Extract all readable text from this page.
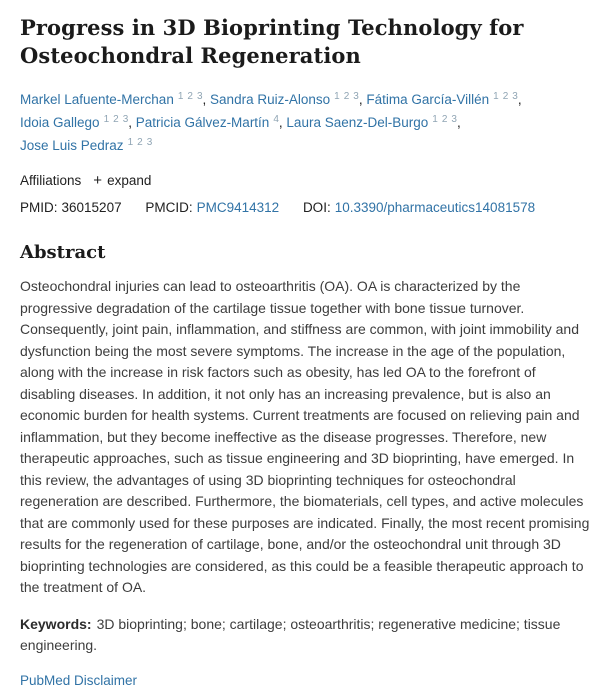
Progress in 3D Bioprinting Technology for Osteochondral Regeneration
Markel Lafuente-Merchan $^{1 2 3}$, Sandra Ruiz-Alonso $^{1 2 3}$, Fátima García-Villén $^{1 2 3}$, Idoia Gallego $^{1 2 3}$, Patricia Gálvez-Martín $^4$, Laura Saenz-Del-Burgo $^{1 2 3}$, Jose Luis Pedraz $^{1 2 3}$
Affiliations + expand
PMID: 36015207 PMCID: PMC9414312 DOI: 10.3390/pharmaceutics14081578
Abstract

Osteochondral injuries can lead to osteoarthritis (OA). OA is characterized by the progressive degradation of the cartilage tissue together with bone tissue turnover. Consequently, joint pain, inflammation, and stiffness are common, with joint immobility and dysfunction being the most severe symptoms. The increase in the age of the population, along with the increase in risk factors such as obesity, has led OA to the forefront of disabling diseases. In addition, it not only has an increasing prevalence, but is also an economic burden for health systems. Current treatments are focused on relieving pain and inflammation, but they become ineffective as the disease progresses. Therefore, new therapeutic approaches, such as tissue engineering and 3D bioprinting, have emerged. In this review, the advantages of using 3D bioprinting techniques for osteochondral regeneration are described. Furthermore, the biomaterials, cell types, and active molecules that are commonly used for these purposes are indicated. Finally, the most recent promising results for the regeneration of cartilage, bone, and/or the osteochondral unit through 3D bioprinting technologies are considered, as this could be a feasible therapeutic approach to the treatment of OA.

Keywords: 3D bioprinting; bone; cartilage; osteoarthritis; regenerative medicine; tissue engineering.

PubMed Disclaimer
